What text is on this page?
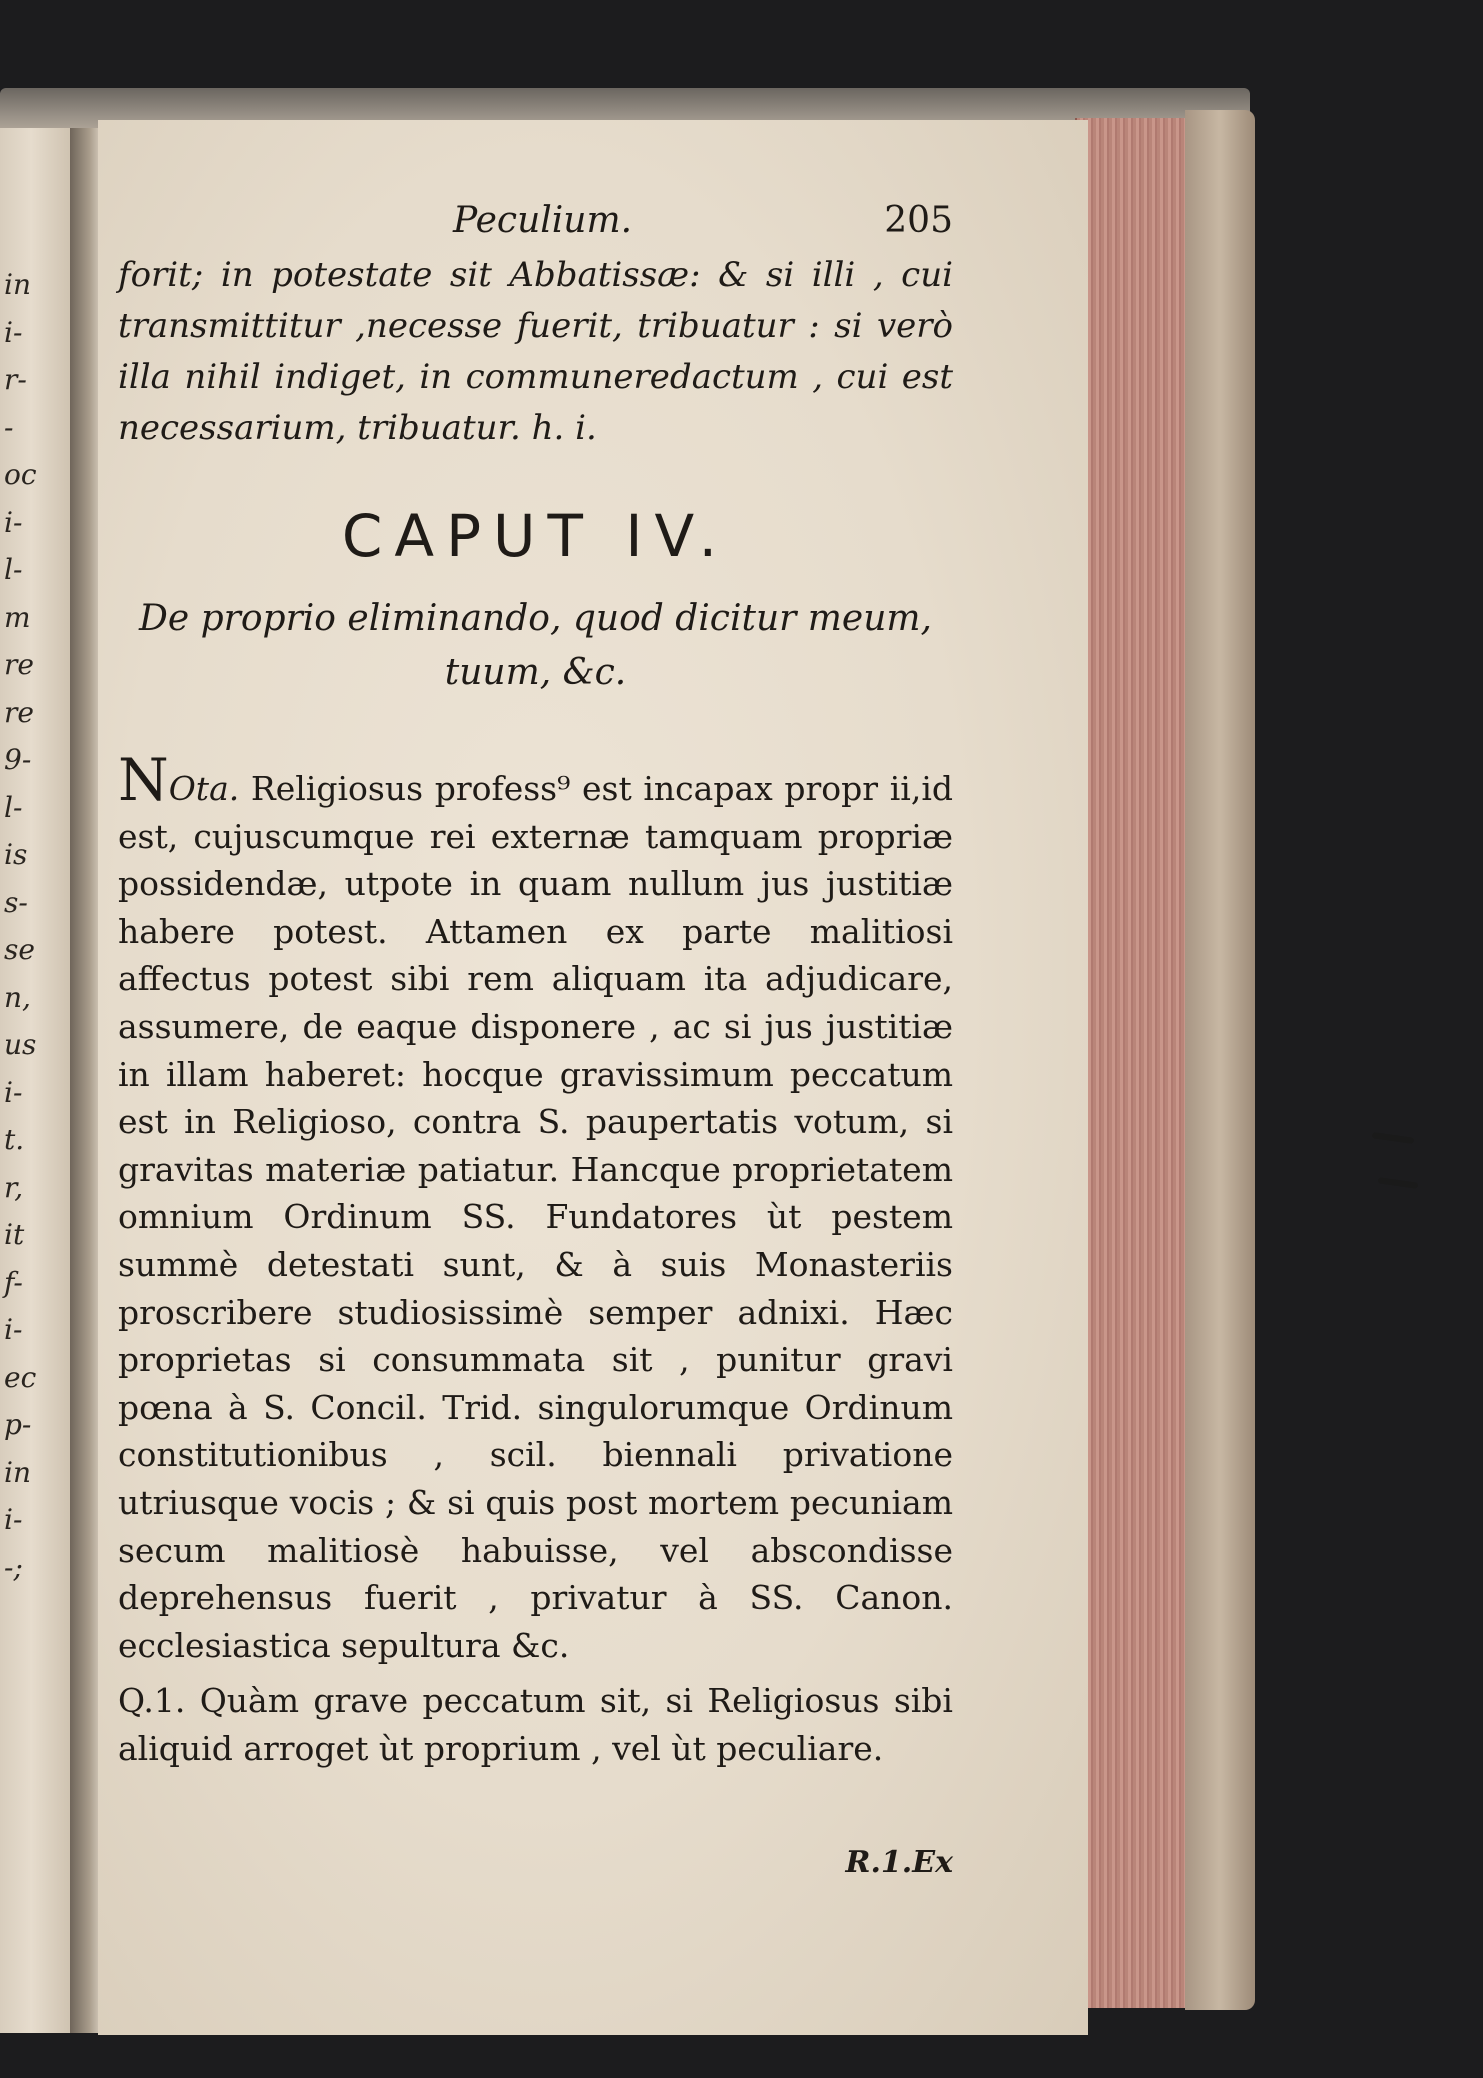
in
i-
r-
-
oc
i-
l-
m
re
re
9-
l-
is
s-
se
n,
us
i-
t.
r,
it
f-
i-
ec
p-
in
i-
-;
Peculium.	205

forit; in potestate sit Abbatissæ: & si illi , cui transmittitur ,necesse fuerit, tribuatur : si verò illa nihil indiget, in communeredactum , cui est necessarium, tribuatur. h. i.

CAPUT IV.

De proprio eliminando, quod dicitur meum,
tuum, &c.

NOta. Religiosus profess⁹ est incapax propr ii,id est, cujuscumque rei externæ tamquam propriæ possidendæ, utpote in quam nullum jus justitiæ habere potest. Attamen ex parte malitiosi affectus potest sibi rem aliquam ita adjudicare, assumere, de eaque disponere , ac si jus justitiæ in illam haberet: hocque gravissimum peccatum est in Religioso, contra S. paupertatis votum, si gravitas materiæ patiatur. Hancque proprietatem omnium Ordinum SS. Fundatores ùt pestem summè detestati sunt, & à suis Monasteriis proscribere studiosissimè semper adnixi. Hæc proprietas si consummata sit , punitur gravi pœna à S. Concil. Trid. singulorumque Ordinum constitutionibus , scil. biennali privatione utriusque vocis ; & si quis post mortem pecuniam secum malitiosè habuisse, vel abscondisse deprehensus fuerit , privatur à SS. Canon. ecclesiastica sepultura &c.

Q.1. Quàm grave peccatum sit, si Religiosus sibi aliquid arroget ùt proprium , vel ùt peculiare.

R.1.Ex
